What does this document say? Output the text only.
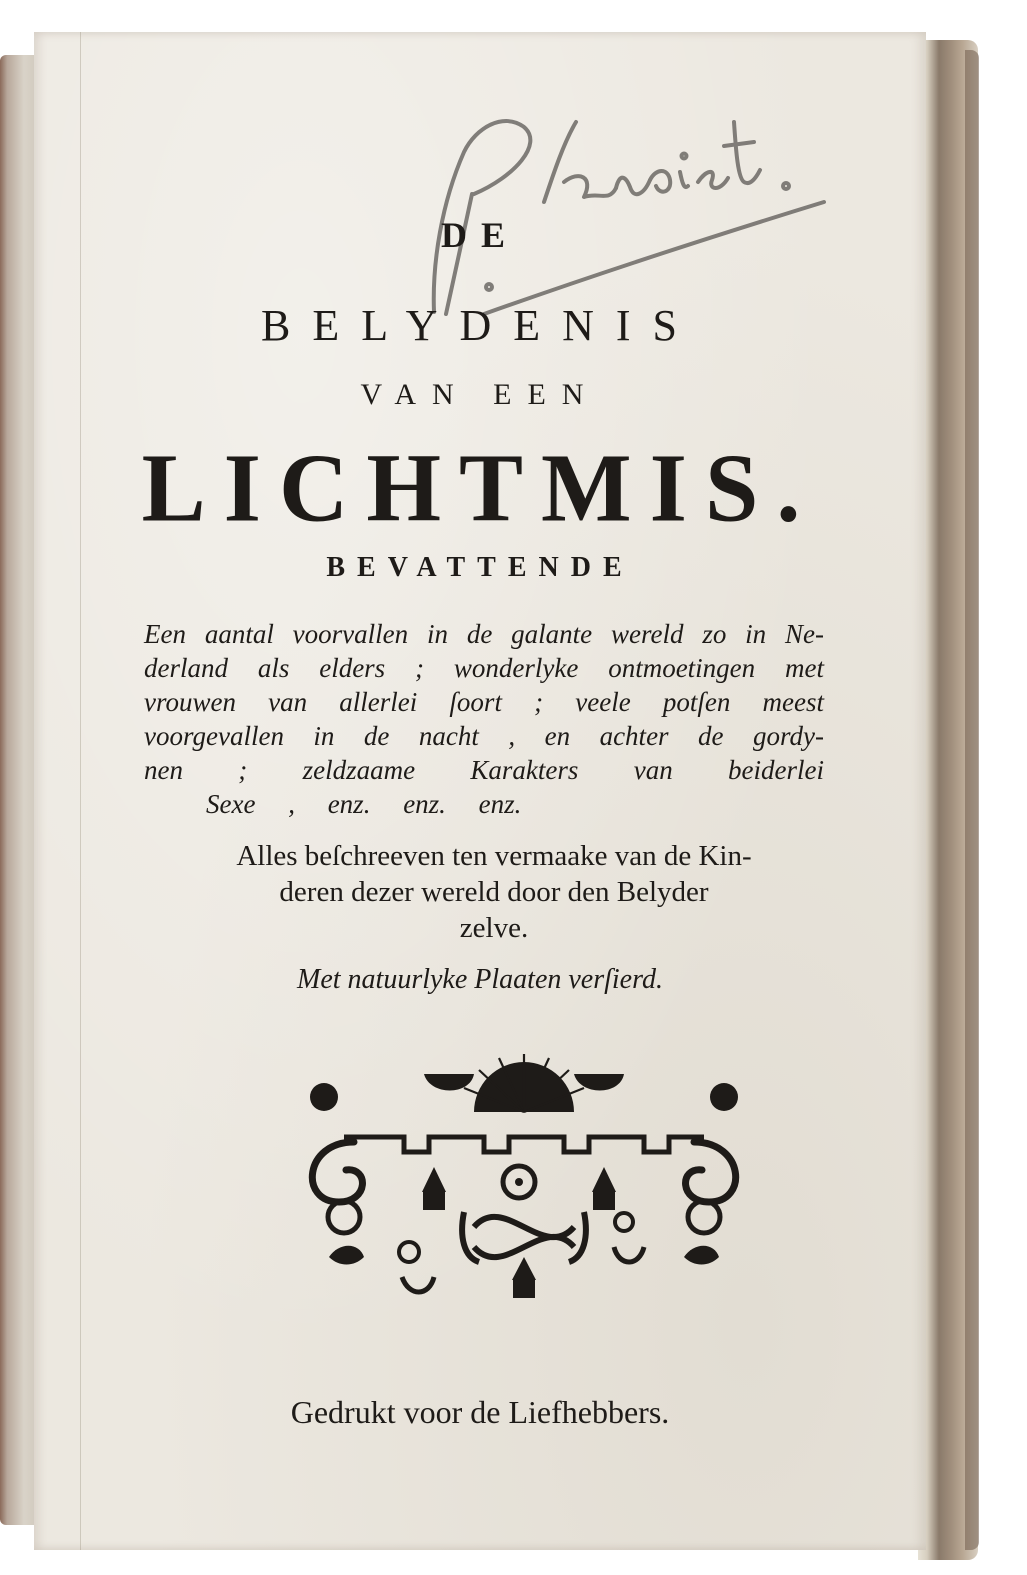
DE
BELYDENIS
VAN EEN
LICHTMIS.
BEVATTENDE
Een aantal voorvallen in de galante wereld zo in Ne-
derland als elders ; wonderlyke ontmoetingen met
vrouwen van allerlei ſoort ; veele potſen meest
voorgevallen in de nacht , en achter de gordy-
nen ; zeldzaame Karakters van beiderlei
Sexe , enz. enz. enz.
Alles beſchreeven ten vermaake van de Kin-
deren dezer wereld door den Belyder
zelve.
Met natuurlyke Plaaten verſierd.
Gedrukt voor de Liefhebbers.
